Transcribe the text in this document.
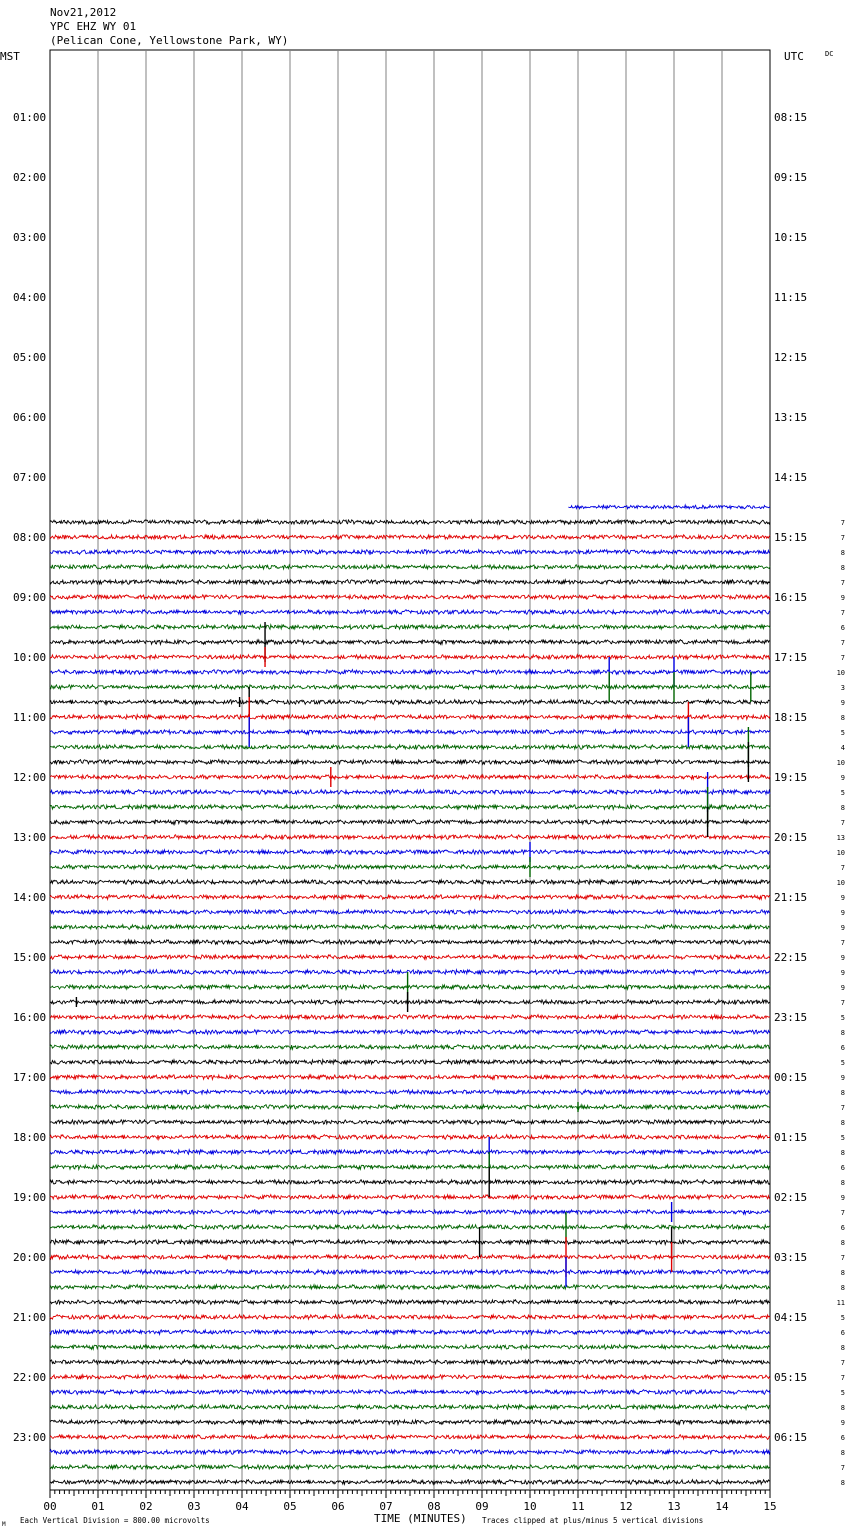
Nov21,2012
YPC EHZ WY 01
(Pelican Cone, Yellowstone Park, WY)
MST	UTC	DC
01:00
02:00
03:00
04:00
05:00
06:00
07:00
08:00
09:00
10:00
11:00
12:00
13:00
14:00
15:00
16:00
17:00
18:00
19:00
20:00
21:00
22:00
23:00
08:15
09:15
10:15
11:15
12:15
13:15
14:15
15:15
16:15
17:15
18:15
19:15
20:15
21:15
22:15
23:15
00:15
01:15
02:15
03:15
04:15
05:15
06:15
7
7
8
8
7
9
7
6
7
7
10
3
9
8
5
4
10
9
5
8
7
13
10
7
10
9
9
9
7
9
9
9
7
5
8
6
5
9
8
7
8
5
8
6
8
9
7
6
8
7
8
8
11
5
6
8
7
7
5
8
9
6
8
7
8
00	01	02	03	04	05	06	07	08	09	10	11	12	13	14	15
M Each Vertical Division = 800.00 microvolts	TIME (MINUTES) Traces clipped at plus/minus 5 vertical divisions
